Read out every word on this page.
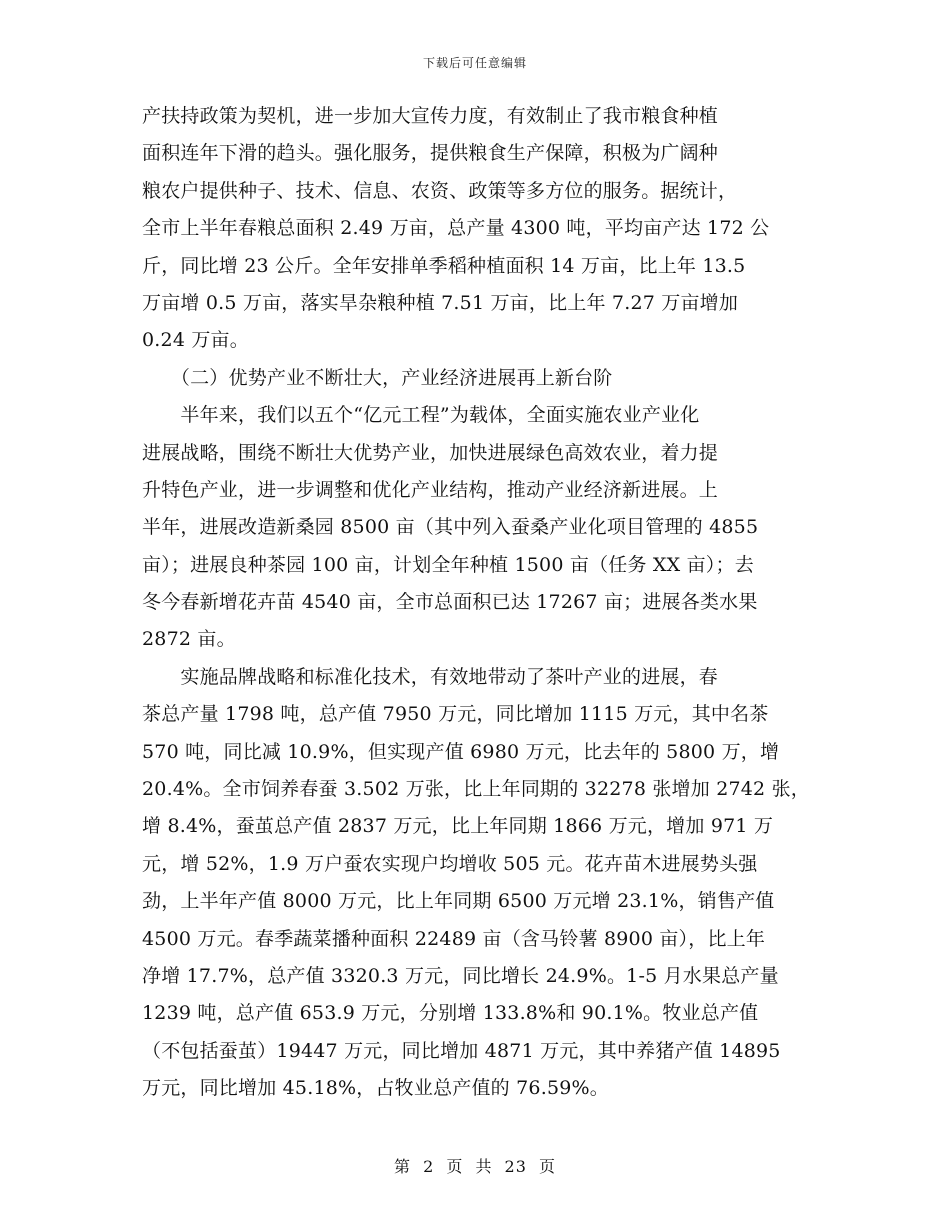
下载后可任意编辑
产扶持政策为契机，进一步加大宣传力度，有效制止了我市粮食种植
面积连年下滑的趋头。强化服务，提供粮食生产保障，积极为广阔种
粮农户提供种子、技术、信息、农资、政策等多方位的服务。据统计，
全市上半年春粮总面积 2.49 万亩，总产量 4300 吨，平均亩产达 172 公
斤，同比增 23 公斤。全年安排单季稻种植面积 14 万亩，比上年 13.5
万亩增 0.5 万亩，落实旱杂粮种植 7.51 万亩，比上年 7.27 万亩增加
0.24 万亩。
　　（二）优势产业不断壮大，产业经济进展再上新台阶
　　半年来，我们以五个“亿元工程”为载体，全面实施农业产业化
进展战略，围绕不断壮大优势产业，加快进展绿色高效农业，着力提
升特色产业，进一步调整和优化产业结构，推动产业经济新进展。上
半年，进展改造新桑园 8500 亩（其中列入蚕桑产业化项目管理的 4855
亩）；进展良种茶园 100 亩，计划全年种植 1500 亩（任务 XX 亩）；去
冬今春新增花卉苗 4540 亩，全市总面积已达 17267 亩；进展各类水果
2872 亩。
　　实施品牌战略和标准化技术，有效地带动了茶叶产业的进展，春
茶总产量 1798 吨，总产值 7950 万元，同比增加 1115 万元，其中名茶
570 吨，同比减 10.9%，但实现产值 6980 万元，比去年的 5800 万，增
20.4%。全市饲养春蚕 3.502 万张，比上年同期的 32278 张增加 2742 张，
增 8.4%，蚕茧总产值 2837 万元，比上年同期 1866 万元，增加 971 万
元，增 52%，1.9 万户蚕农实现户均增收 505 元。花卉苗木进展势头强
劲，上半年产值 8000 万元，比上年同期 6500 万元增 23.1%，销售产值
4500 万元。春季蔬菜播种面积 22489 亩（含马铃薯 8900 亩），比上年
净增 17.7%，总产值 3320.3 万元，同比增长 24.9%。1-5 月水果总产量
1239 吨，总产值 653.9 万元，分别增 133.8%和 90.1%。牧业总产值
（不包括蚕茧）19447 万元，同比增加 4871 万元，其中养猪产值 14895
万元，同比增加 45.18%，占牧业总产值的 76.59%。
第 2 页 共 23 页
